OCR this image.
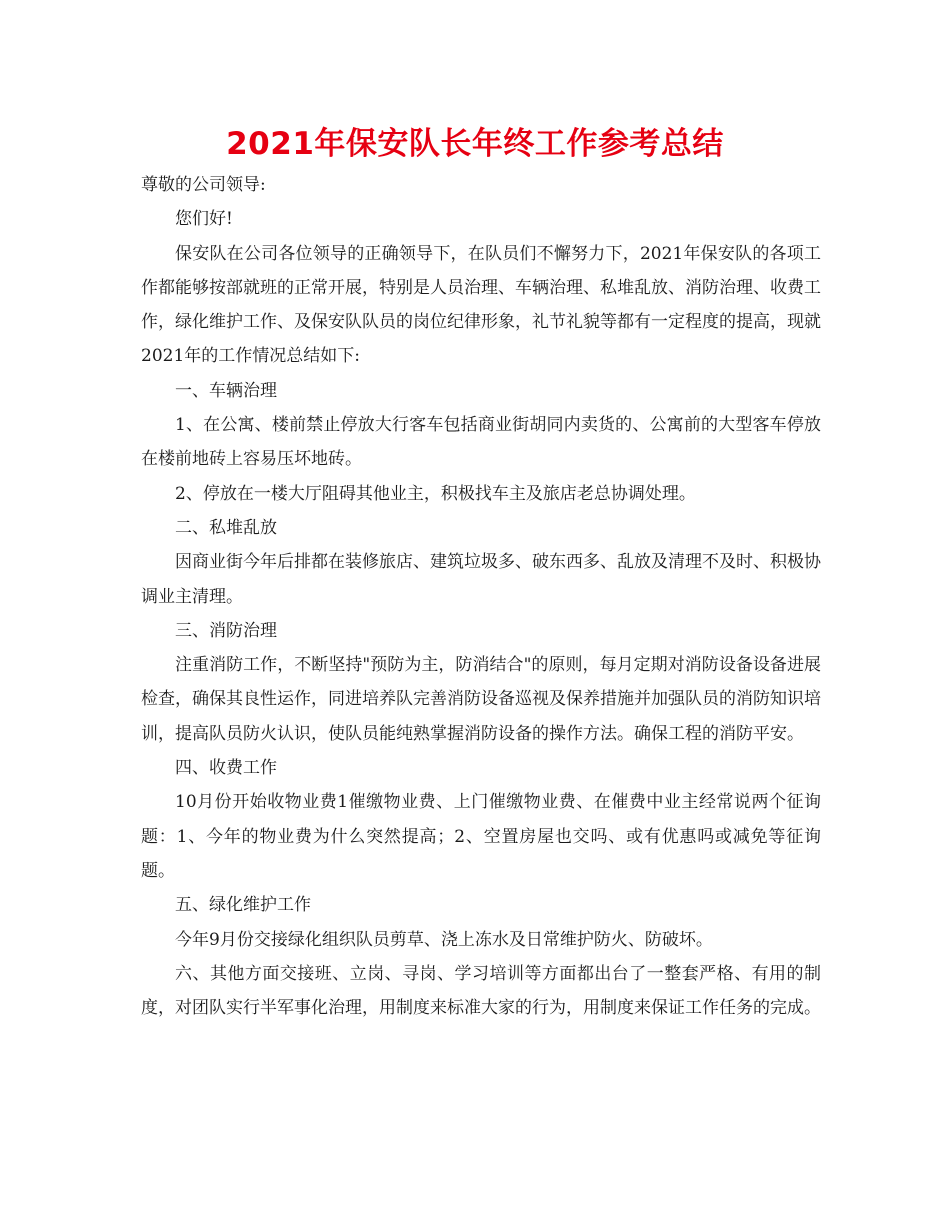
2021年保安队长年终工作参考总结

尊敬的公司领导:

您们好!

保安队在公司各位领导的正确领导下，在队员们不懈努力下，2021年保安队的各项工作都能够按部就班的正常开展，特别是人员治理、车辆治理、私堆乱放、消防治理、收费工作，绿化维护工作、及保安队队员的岗位纪律形象，礼节礼貌等都有一定程度的提高，现就2021年的工作情况总结如下:

一、车辆治理

1、在公寓、楼前禁止停放大行客车包括商业街胡同内卖货的、公寓前的大型客车停放在楼前地砖上容易压坏地砖。

2、停放在一楼大厅阻碍其他业主，积极找车主及旅店老总协调处理。

二、私堆乱放

因商业街今年后排都在装修旅店、建筑垃圾多、破东西多、乱放及清理不及时、积极协调业主清理。

三、消防治理

注重消防工作，不断坚持"预防为主，防消结合"的原则，每月定期对消防设备设备进展检查，确保其良性运作，同进培养队完善消防设备巡视及保养措施并加强队员的消防知识培训，提高队员防火认识，使队员能纯熟掌握消防设备的操作方法。确保工程的消防平安。

四、收费工作

10月份开始收物业费1催缴物业费、上门催缴物业费、在催费中业主经常说两个征询题：1、今年的物业费为什么突然提高；2、空置房屋也交吗、或有优惠吗或减免等征询题。

五、绿化维护工作

今年9月份交接绿化组织队员剪草、浇上冻水及日常维护防火、防破坏。

六、其他方面交接班、立岗、寻岗、学习培训等方面都出台了一整套严格、有用的制度，对团队实行半军事化治理，用制度来标准大家的行为，用制度来保证工作任务的完成。
